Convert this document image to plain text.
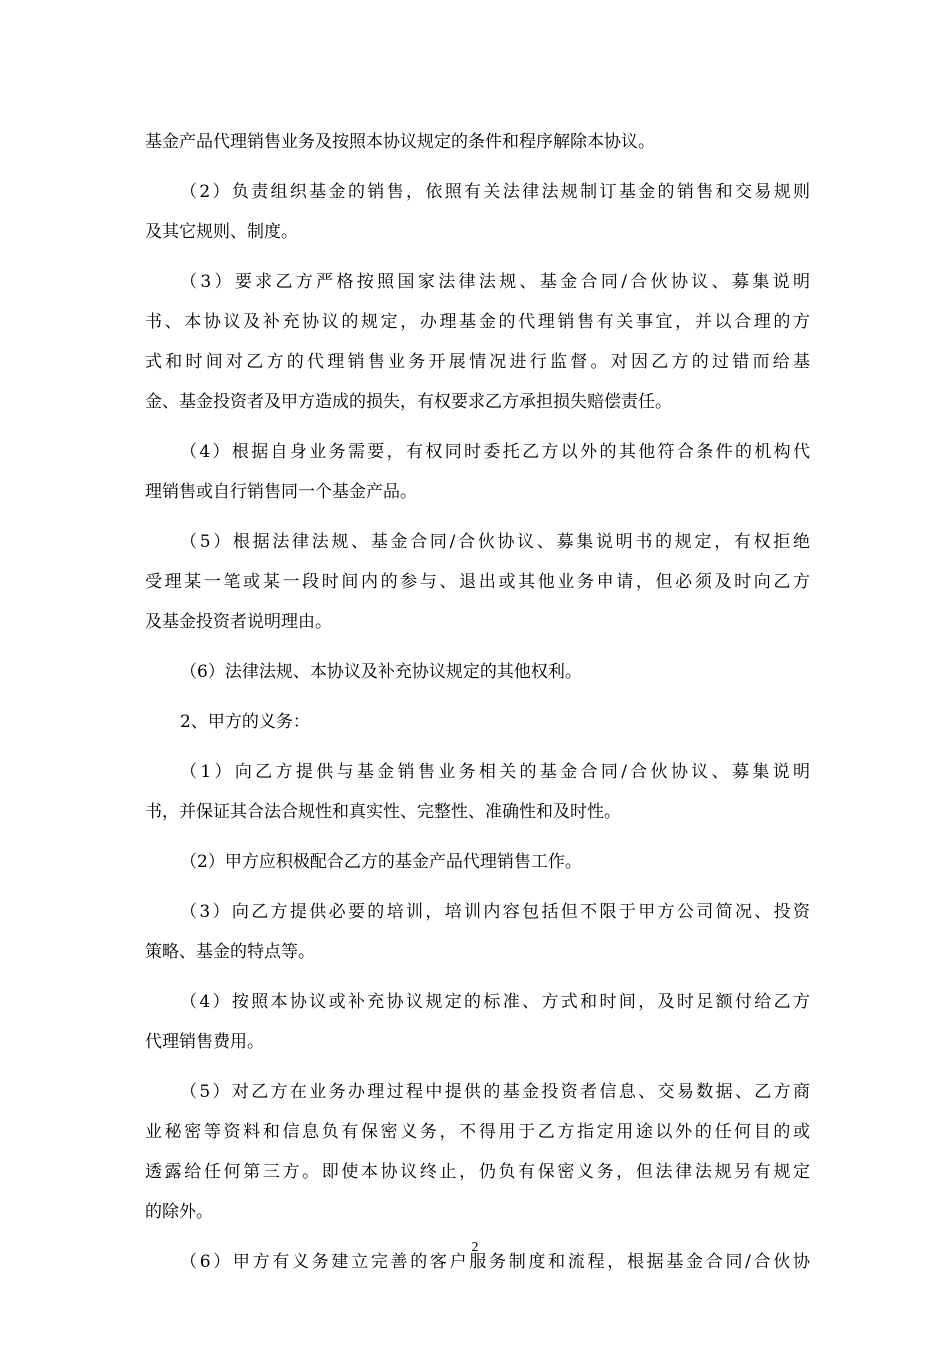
基金产品代理销售业务及按照本协议规定的条件和程序解除本协议。
（2）负责组织基金的销售，依照有关法律法规制订基金的销售和交易规则
及其它规则、制度。
（3）要求乙方严格按照国家法律法规、基金合同/合伙协议、募集说明
书、本协议及补充协议的规定，办理基金的代理销售有关事宜，并以合理的方
式和时间对乙方的代理销售业务开展情况进行监督。对因乙方的过错而给基
金、基金投资者及甲方造成的损失，有权要求乙方承担损失赔偿责任。
（4）根据自身业务需要，有权同时委托乙方以外的其他符合条件的机构代
理销售或自行销售同一个基金产品。
（5）根据法律法规、基金合同/合伙协议、募集说明书的规定，有权拒绝
受理某一笔或某一段时间内的参与、退出或其他业务申请，但必须及时向乙方
及基金投资者说明理由。
（6）法律法规、本协议及补充协议规定的其他权利。
2、甲方的义务：
（1）向乙方提供与基金销售业务相关的基金合同/合伙协议、募集说明
书，并保证其合法合规性和真实性、完整性、准确性和及时性。
（2）甲方应积极配合乙方的基金产品代理销售工作。
（3）向乙方提供必要的培训，培训内容包括但不限于甲方公司简况、投资
策略、基金的特点等。
（4）按照本协议或补充协议规定的标准、方式和时间，及时足额付给乙方
代理销售费用。
（5）对乙方在业务办理过程中提供的基金投资者信息、交易数据、乙方商
业秘密等资料和信息负有保密义务，不得用于乙方指定用途以外的任何目的或
透露给任何第三方。即使本协议终止，仍负有保密义务，但法律法规另有规定
的除外。
（6）甲方有义务建立完善的客户服务制度和流程，根据基金合同/合伙协
2
